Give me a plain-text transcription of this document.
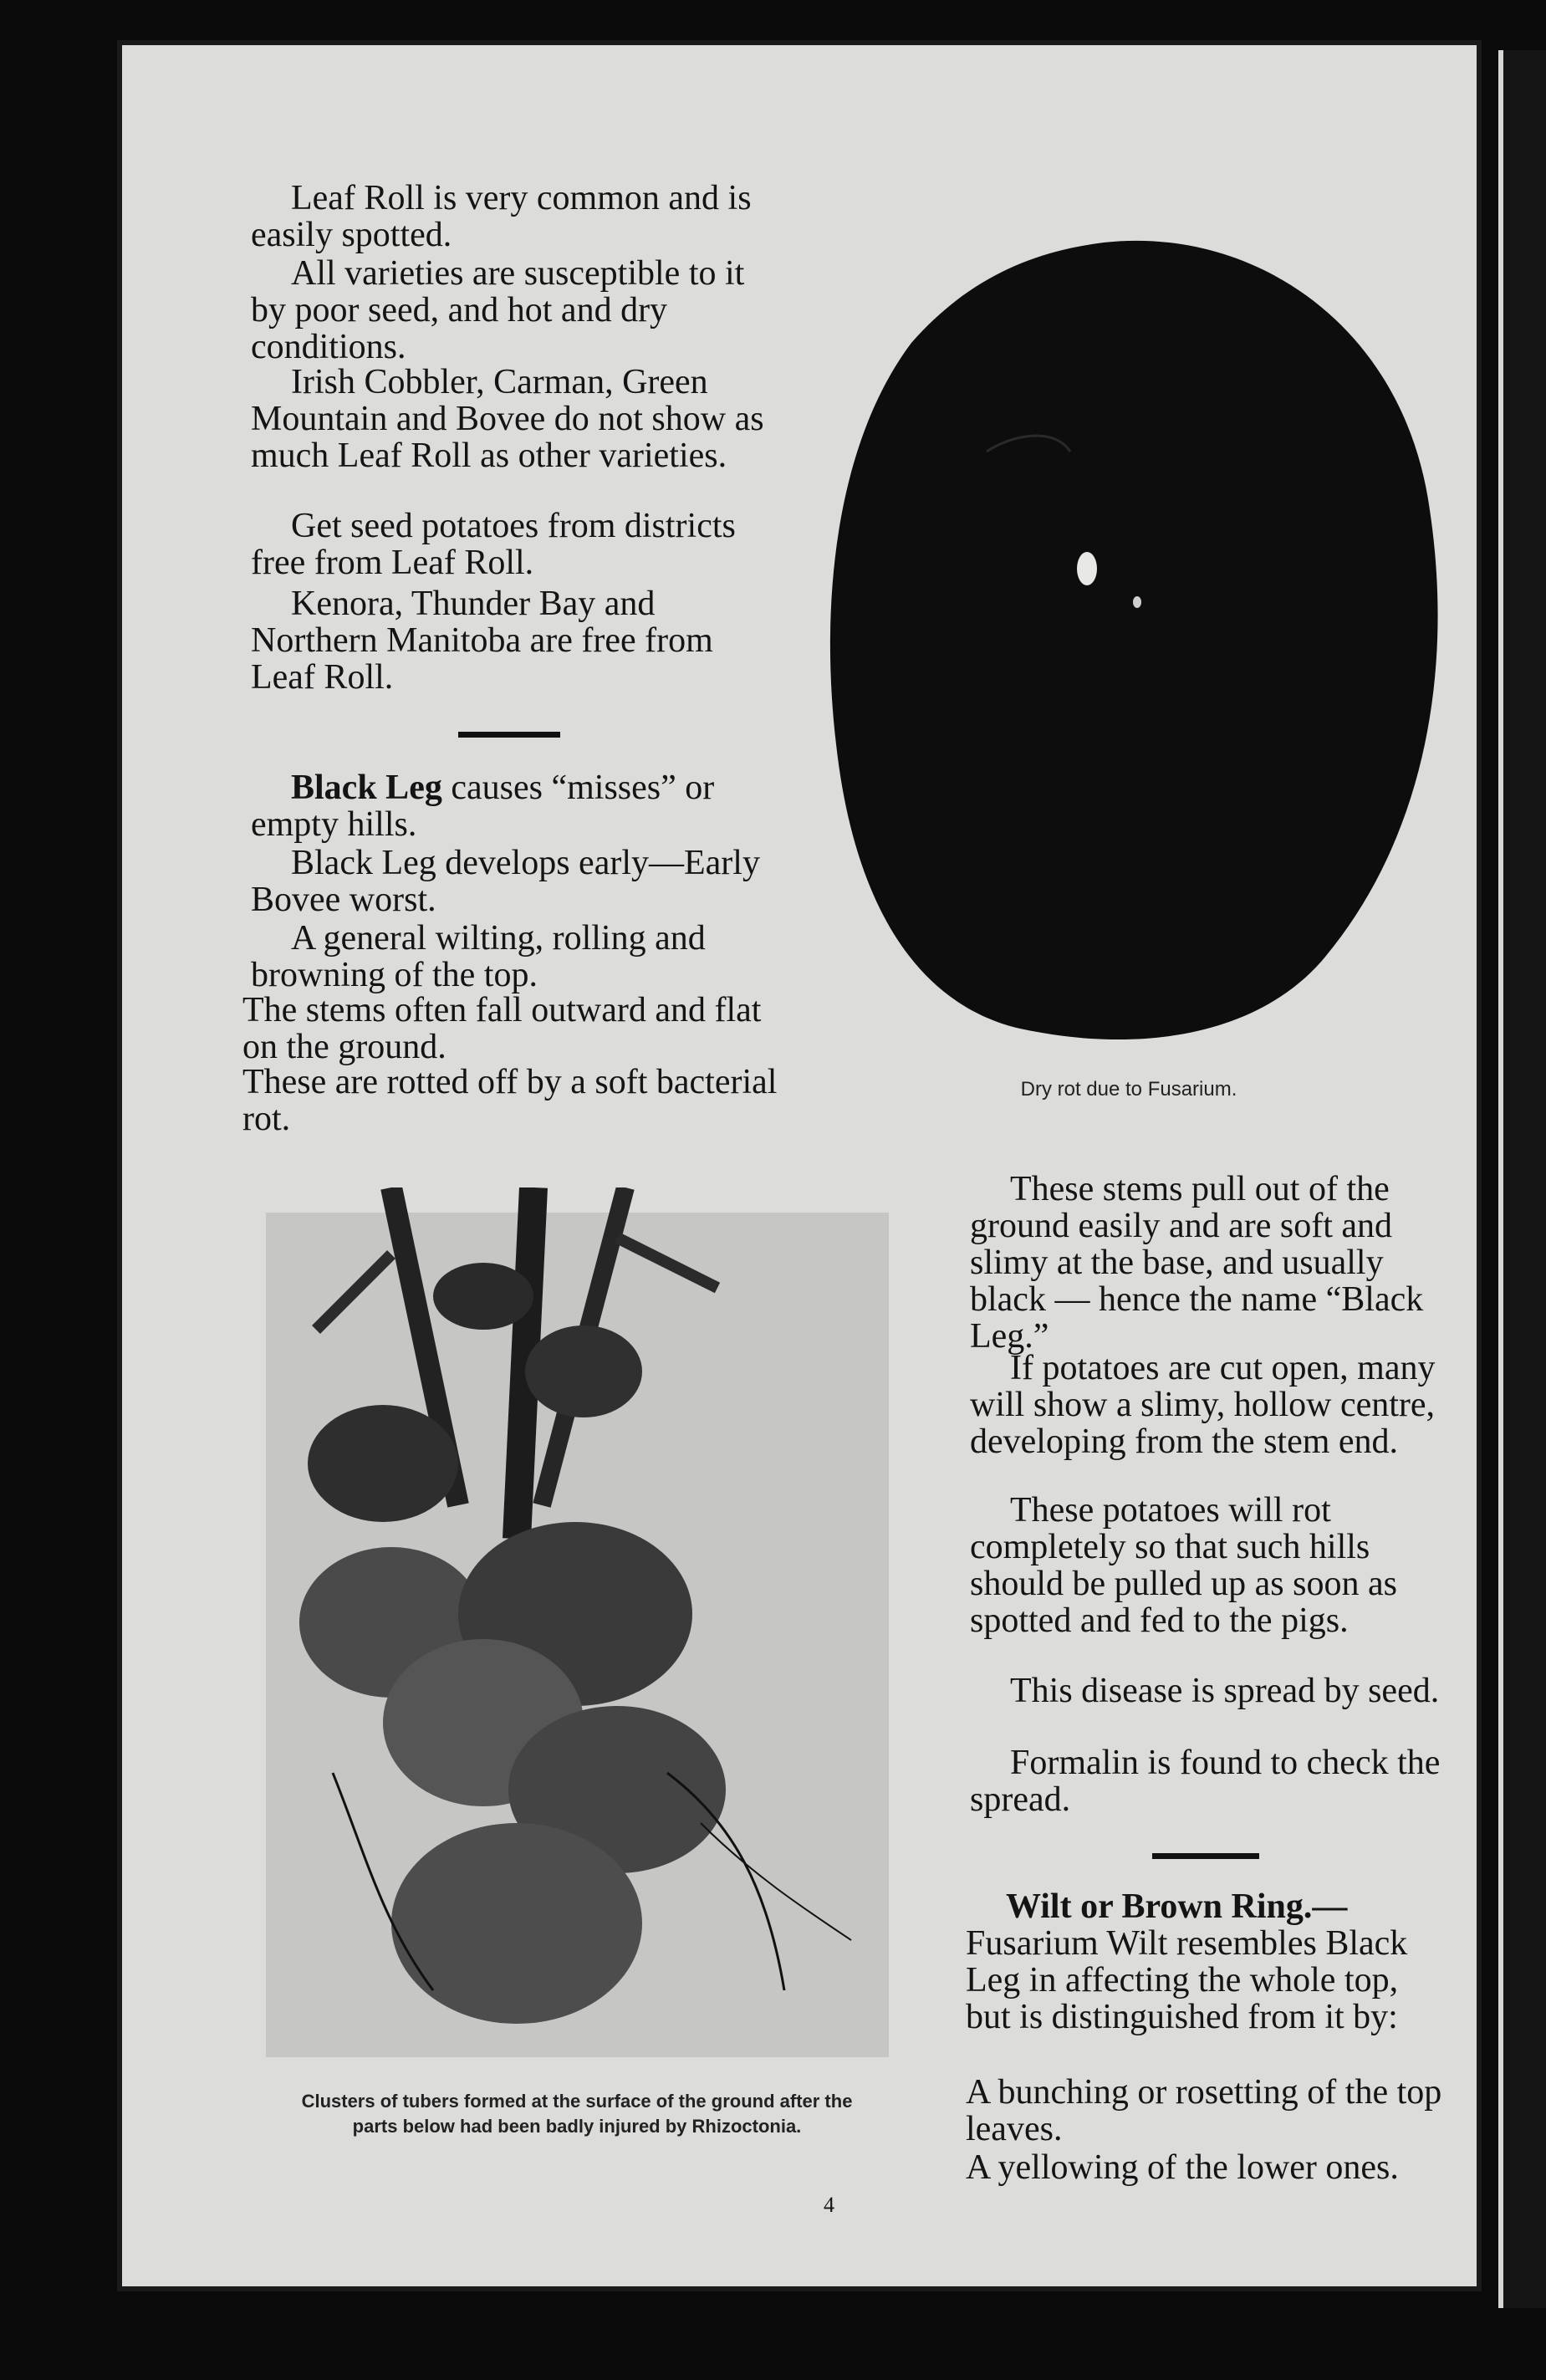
Leaf Roll is very common and is easily spotted.

All varieties are susceptible to it by poor seed, and hot and dry conditions.

Irish Cobbler, Carman, Green Mountain and Bovee do not show as much Leaf Roll as other varieties.

Get seed potatoes from districts free from Leaf Roll.

Kenora, Thunder Bay and Northern Manitoba are free from Leaf Roll.

Black Leg causes “misses” or empty hills.

Black Leg develops early—Early Bovee worst.

A general wilting, rolling and browning of the top.

The stems often fall outward and flat on the ground.

These are rotted off by a soft bacterial rot.

Dry rot due to Fusarium.

Clusters of tubers formed at the surface of the ground after the parts below had been badly injured by Rhizoctonia.

4

These stems pull out of the ground easily and are soft and slimy at the base, and usually black — hence the name “Black Leg.”

If potatoes are cut open, many will show a slimy, hollow centre, developing from the stem end.

These potatoes will rot completely so that such hills should be pulled up as soon as spotted and fed to the pigs.

This disease is spread by seed.

Formalin is found to check the spread.

Wilt or Brown Ring.— Fusarium Wilt resembles Black Leg in affecting the whole top, but is distinguished from it by:

A bunching or rosetting of the top leaves.

A yellowing of the lower ones.
